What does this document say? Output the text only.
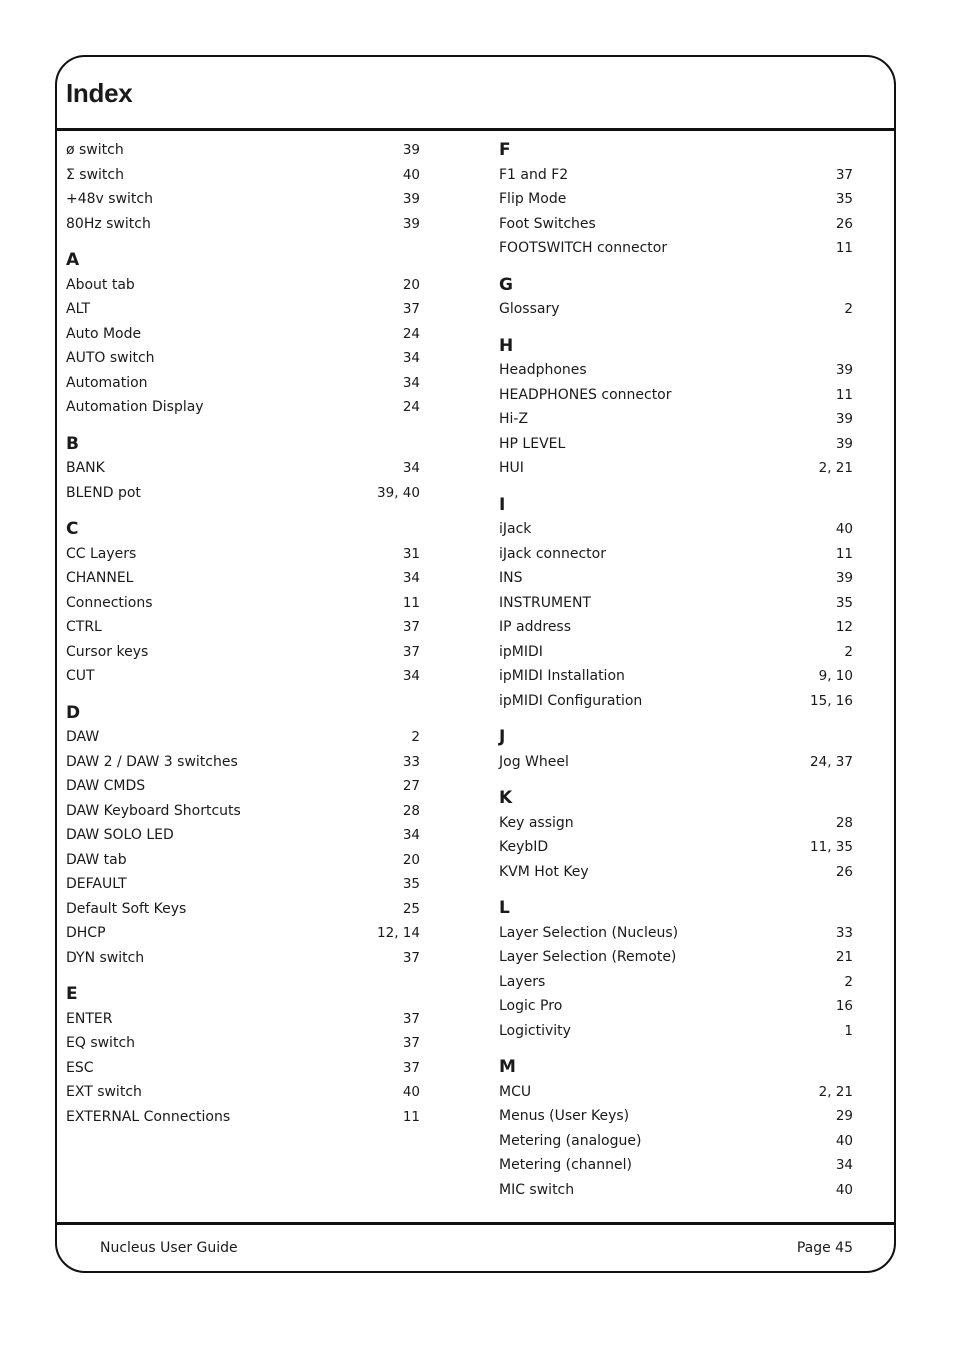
Index
ø switch	39
Σ switch	40
+48v switch	39
80Hz switch	39
A
About tab	20
ALT	37
Auto Mode	24
AUTO switch	34
Automation	34
Automation Display	24
B
BANK	34
BLEND pot	39, 40
C
CC Layers	31
CHANNEL	34
Connections	11
CTRL	37
Cursor keys	37
CUT	34
D
DAW	2
DAW 2 / DAW 3 switches	33
DAW CMDS	27
DAW Keyboard Shortcuts	28
DAW SOLO LED	34
DAW tab	20
DEFAULT	35
Default Soft Keys	25
DHCP	12, 14
DYN switch	37
E
ENTER	37
EQ switch	37
ESC	37
EXT switch	40
EXTERNAL Connections	11
F
F1 and F2	37
Flip Mode	35
Foot Switches	26
FOOTSWITCH connector	11
G
Glossary	2
H
Headphones	39
HEADPHONES connector	11
Hi-Z	39
HP LEVEL	39
HUI	2, 21
I
iJack	40
iJack connector	11
INS	39
INSTRUMENT	35
IP address	12
ipMIDI	2
ipMIDI Installation	9, 10
ipMIDI Configuration	15, 16
J
Jog Wheel	24, 37
K
Key assign	28
KeybID	11, 35
KVM Hot Key	26
L
Layer Selection (Nucleus)	33
Layer Selection (Remote)	21
Layers	2
Logic Pro	16
Logictivity	1
M
MCU	2, 21
Menus (User Keys)	29
Metering (analogue)	40
Metering (channel)	34
MIC switch	40
Nucleus User Guide	Page 45
